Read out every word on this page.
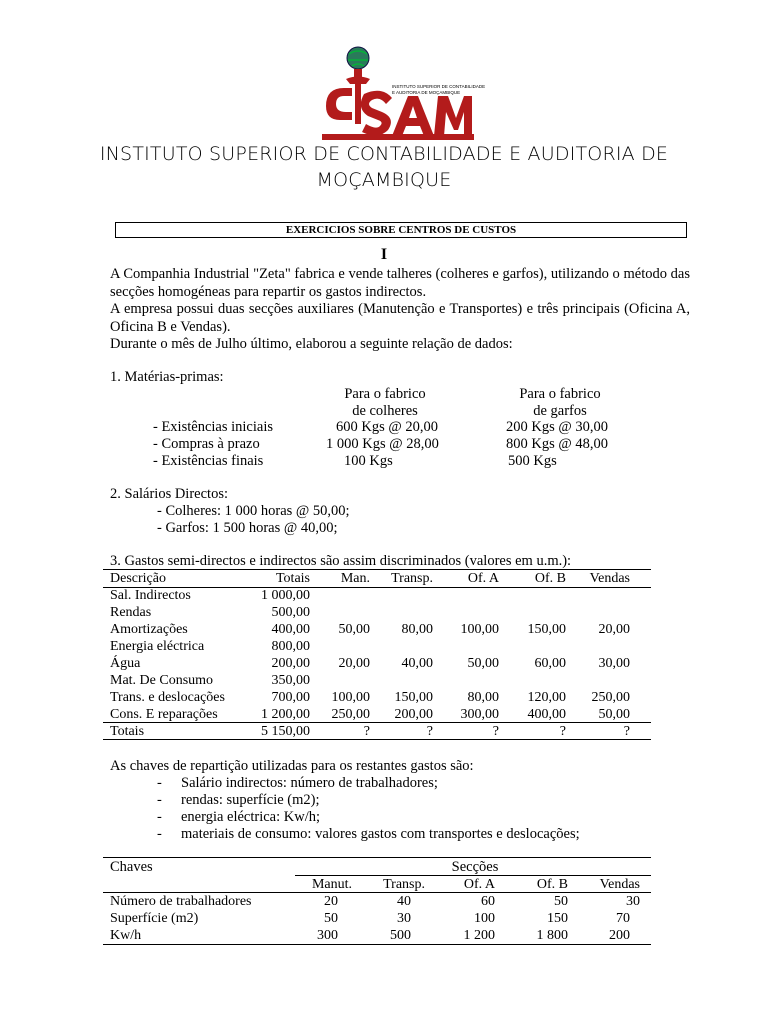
INSTITUTO SUPERIOR DE CONTABILIDADE
E AUDITORIA DE MOÇAMBIQUE
INSTITUTO SUPERIOR DE CONTABILIDADE E AUDITORIA DE
MOÇAMBIQUE
EXERCICIOS SOBRE CENTROS DE CUSTOS
I
A Companhia Industrial "Zeta" fabrica e vende talheres (colheres e garfos), utilizando o método das secções homogéneas para repartir os gastos indirectos.
A empresa possui duas secções auxiliares (Manutenção e Transportes) e três principais (Oficina A, Oficina B e Vendas).
Durante o mês de Julho último, elaborou a seguinte relação de dados:
1. Matérias-primas:
Para o fabrico
de colheres
Para o fabrico
de garfos
- Existências iniciais	600 Kgs @ 20,00	200 Kgs @ 30,00
- Compras à prazo	1 000 Kgs @ 28,00	800 Kgs @ 48,00
- Existências finais	100 Kgs	500 Kgs
2. Salários Directos:
- Colheres: 1 000 horas @ 50,00;
- Garfos: 1 500 horas @ 40,00;
3. Gastos semi-directos e indirectos são assim discriminados (valores em u.m.):
Descrição	Totais	Man.	Transp.	Of. A	Of. B	Vendas
Sal. Indirectos	1 000,00					
Rendas	500,00					
Amortizações	400,00	50,00	80,00	100,00	150,00	20,00
Energia eléctrica	800,00					
Água	200,00	20,00	40,00	50,00	60,00	30,00
Mat. De Consumo	350,00					
Trans. e deslocações	700,00	100,00	150,00	80,00	120,00	250,00
Cons. E reparações	1 200,00	250,00	200,00	300,00	400,00	50,00
Totais	5 150,00	?	?	?	?	?
As chaves de repartição utilizadas para os restantes gastos são:
- Salário indirectos: número de trabalhadores;
- rendas: superfície (m2);
- energia eléctrica: Kw/h;
- materiais de consumo: valores gastos com transportes e deslocações;
Chaves	Secções
	Manut.	Transp.	Of. A	Of. B	Vendas
Número de trabalhadores	20	40	60	50	30
Superfície (m2)	50	30	100	150	70
Kw/h	300	500	1 200	1 800	200
